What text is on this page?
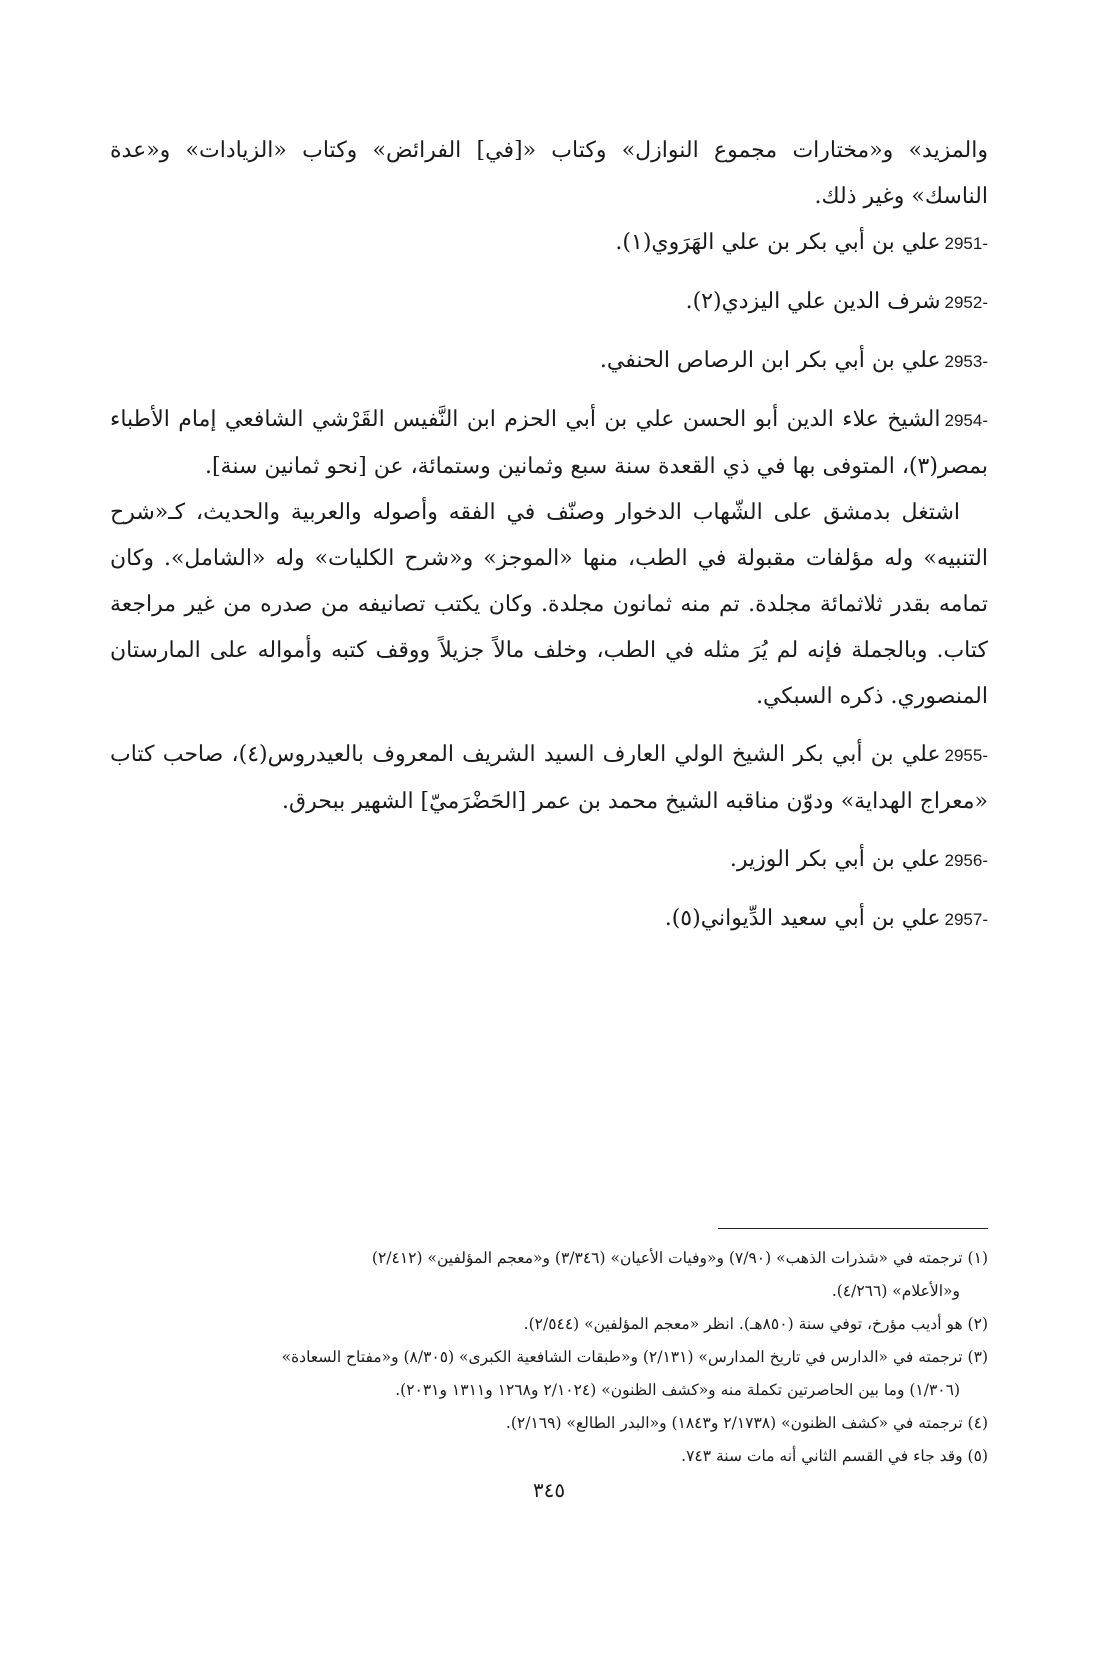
والمزيد» و«مختارات مجموع النوازل» وكتاب «[في] الفرائض» وكتاب «الزيادات» و«عدة الناسك» وغير ذلك.

2951-علي بن أبي بكر بن علي الهَرَوي(١).

2952-شرف الدين علي اليزدي(٢).

2953-علي بن أبي بكر ابن الرصاص الحنفي.

2954-الشيخ علاء الدين أبو الحسن علي بن أبي الحزم ابن النَّفيس القَرْشي الشافعي إمام الأطباء بمصر(٣)، المتوفى بها في ذي القعدة سنة سبع وثمانين وستمائة، عن [نحو ثمانين سنة].

اشتغل بدمشق على الشّهاب الدخوار وصنّف في الفقه وأصوله والعربية والحديث، كـ«شرح التنبيه» وله مؤلفات مقبولة في الطب، منها «الموجز» و«شرح الكليات» وله «الشامل». وكان تمامه بقدر ثلاثمائة مجلدة. تم منه ثمانون مجلدة. وكان يكتب تصانيفه من صدره من غير مراجعة كتاب. وبالجملة فإنه لم يُرَ مثله في الطب، وخلف مالاً جزيلاً ووقف كتبه وأمواله على المارستان المنصوري. ذكره السبكي.

2955-علي بن أبي بكر الشيخ الولي العارف السيد الشريف المعروف بالعيدروس(٤)، صاحب كتاب «معراج الهداية» ودوّن مناقبه الشيخ محمد بن عمر [الحَضْرَميّ] الشهير ببحرق.

2956-علي بن أبي بكر الوزير.

2957-علي بن أبي سعيد الدِّيواني(٥).

(١) ترجمته في «شذرات الذهب» (٧/٩٠) و«وفيات الأعيان» (٣/٣٤٦) و«معجم المؤلفين» (٢/٤١٢)

و«الأعلام» (٤/٢٦٦).

(٢) هو أديب مؤرخ، توفي سنة (٨٥٠هـ). انظر «معجم المؤلفين» (٢/٥٤٤).

(٣) ترجمته في «الدارس في تاريخ المدارس» (٢/١٣١) و«طبقات الشافعية الكبرى» (٨/٣٠٥) و«مفتاح السعادة»

(١/٣٠٦) وما بين الحاصرتين تكملة منه و«كشف الظنون» (٢/١٠٢٤ و١٢٦٨ و١٣١١ و٢٠٣١).

(٤) ترجمته في «كشف الظنون» (٢/١٧٣٨ و١٨٤٣) و«البدر الطالع» (٢/١٦٩).

(٥) وقد جاء في القسم الثاني أنه مات سنة ٧٤٣.

٣٤٥
